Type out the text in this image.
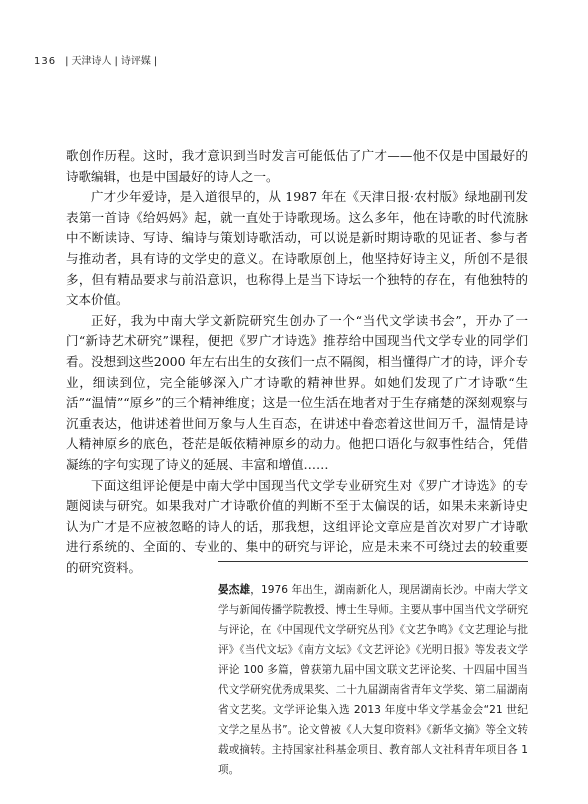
136 | 天津诗人 | 诗评媒 |

歌创作历程。这时，我才意识到当时发言可能低估了广才——他不仅是中国最好的诗歌编辑，也是中国最好的诗人之一。

广才少年爱诗，是入道很早的，从 1987 年在《天津日报·农村版》绿地副刊发表第一首诗《给妈妈》起，就一直处于诗歌现场。这么多年，他在诗歌的时代流脉中不断读诗、写诗、编诗与策划诗歌活动，可以说是新时期诗歌的见证者、参与者与推动者，具有诗的文学史的意义。在诗歌原创上，他坚持好诗主义，所创不是很多，但有精品要求与前沿意识，也称得上是当下诗坛一个独特的存在，有他独特的文本价值。

正好，我为中南大学文新院研究生创办了一个“当代文学读书会”，开办了一门“新诗艺术研究”课程，便把《罗广才诗选》推荐给中国现当代文学专业的同学们看。没想到这些2000 年左右出生的女孩们一点不隔阂，相当懂得广才的诗，评介专业，细读到位，完全能够深入广才诗歌的精神世界。如她们发现了广才诗歌“生活”“温情”“原乡”的三个精神维度；这是一位生活在地者对于生存痛楚的深刻观察与沉重表达，他讲述着世间万象与人生百态，在讲述中眷恋着这世间万千，温情是诗人精神原乡的底色，苍茫是皈依精神原乡的动力。他把口语化与叙事性结合，凭借凝练的字句实现了诗义的延展、丰富和增值……

下面这组评论便是中南大学中国现当代文学专业研究生对《罗广才诗选》的专题阅读与研究。如果我对广才诗歌价值的判断不至于太偏误的话，如果未来新诗史认为广才是不应被忽略的诗人的话，那我想，这组评论文章应是首次对罗广才诗歌进行系统的、全面的、专业的、集中的研究与评论，应是未来不可绕过去的较重要的研究资料。

晏杰雄，1976 年出生，湖南新化人，现居湖南长沙。中南大学文学与新闻传播学院教授、博士生导师。主要从事中国当代文学研究与评论，在《中国现代文学研究丛刊》《文艺争鸣》《文艺理论与批评》《当代文坛》《南方文坛》《文艺评论》《光明日报》等发表文学评论 100 多篇，曾获第九届中国文联文艺评论奖、十四届中国当代文学研究优秀成果奖、二十九届湖南省青年文学奖、第二届湖南省文艺奖。文学评论集入选 2013 年度中华文学基金会“21 世纪文学之星丛书”。论文曾被《人大复印资料》《新华文摘》等全文转载或摘转。主持国家社科基金项目、教育部人文社科青年项目各 1 项。
